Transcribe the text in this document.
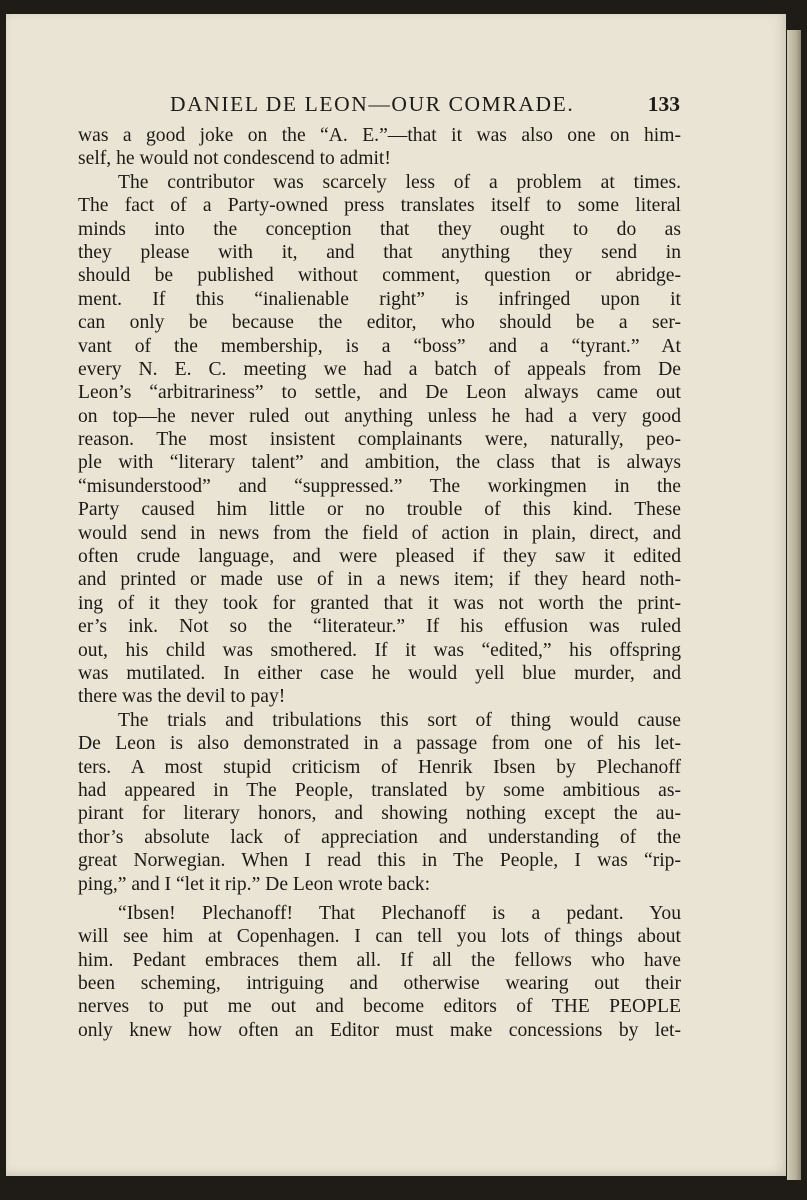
DANIEL DE LEON—OUR COMRADE.	133
was a good joke on the “A. E.”—that it was also one on him-
self, he would not condescend to admit!
The contributor was scarcely less of a problem at times.
The fact of a Party-owned press translates itself to some literal
minds into the conception that they ought to do as
they please with it, and that anything they send in
should be published without comment, question or abridge-
ment. If this “inalienable right” is infringed upon it
can only be because the editor, who should be a ser-
vant of the membership, is a “boss” and a “tyrant.” At
every N. E. C. meeting we had a batch of appeals from De
Leon’s “arbitrariness” to settle, and De Leon always came out
on top—he never ruled out anything unless he had a very good
reason. The most insistent complainants were, naturally, peo-
ple with “literary talent” and ambition, the class that is always
“misunderstood” and “suppressed.” The workingmen in the
Party caused him little or no trouble of this kind. These
would send in news from the field of action in plain, direct, and
often crude language, and were pleased if they saw it edited
and printed or made use of in a news item; if they heard noth-
ing of it they took for granted that it was not worth the print-
er’s ink. Not so the “literateur.” If his effusion was ruled
out, his child was smothered. If it was “edited,” his offspring
was mutilated. In either case he would yell blue murder, and
there was the devil to pay!
The trials and tribulations this sort of thing would cause
De Leon is also demonstrated in a passage from one of his let-
ters. A most stupid criticism of Henrik Ibsen by Plechanoff
had appeared in The People, translated by some ambitious as-
pirant for literary honors, and showing nothing except the au-
thor’s absolute lack of appreciation and understanding of the
great Norwegian. When I read this in The People, I was “rip-
ping,” and I “let it rip.” De Leon wrote back:
“Ibsen! Plechanoff! That Plechanoff is a pedant. You
will see him at Copenhagen. I can tell you lots of things about
him. Pedant embraces them all. If all the fellows who have
been scheming, intriguing and otherwise wearing out their
nerves to put me out and become editors of THE PEOPLE
only knew how often an Editor must make concessions by let-
